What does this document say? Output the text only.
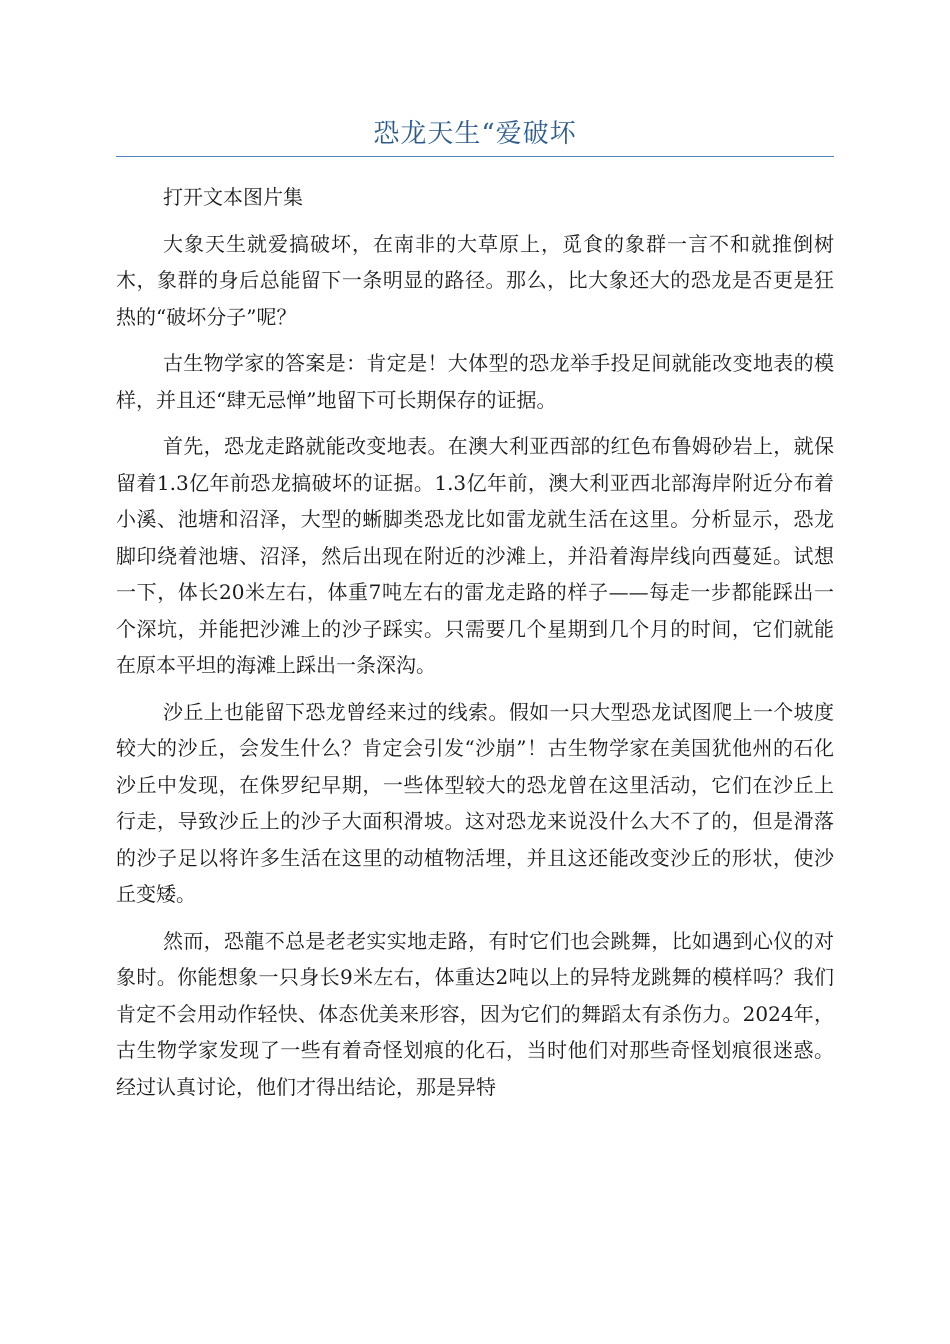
恐龙天生“爱破坏

打开文本图片集

大象天生就爱搞破坏，在南非的大草原上，觅食的象群一言不和就推倒树木，象群的身后总能留下一条明显的路径。那么，比大象还大的恐龙是否更是狂热的“破坏分子”呢？

古生物学家的答案是：肯定是！大体型的恐龙举手投足间就能改变地表的模样，并且还“肆无忌惮”地留下可长期保存的证据。

首先，恐龙走路就能改变地表。在澳大利亚西部的红色布鲁姆砂岩上，就保留着1.3亿年前恐龙搞破坏的证据。1.3亿年前，澳大利亚西北部海岸附近分布着小溪、池塘和沼泽，大型的蜥脚类恐龙比如雷龙就生活在这里。分析显示，恐龙脚印绕着池塘、沼泽，然后出现在附近的沙滩上，并沿着海岸线向西蔓延。试想一下，体长20米左右，体重7吨左右的雷龙走路的样子——每走一步都能踩出一个深坑，并能把沙滩上的沙子踩实。只需要几个星期到几个月的时间，它们就能在原本平坦的海滩上踩出一条深沟。

沙丘上也能留下恐龙曾经来过的线索。假如一只大型恐龙试图爬上一个坡度较大的沙丘，会发生什么？肯定会引发“沙崩”！古生物学家在美国犹他州的石化沙丘中发现，在侏罗纪早期，一些体型较大的恐龙曾在这里活动，它们在沙丘上行走，导致沙丘上的沙子大面积滑坡。这对恐龙来说没什么大不了的，但是滑落的沙子足以将许多生活在这里的动植物活埋，并且这还能改变沙丘的形状，使沙丘变矮。

然而，恐龍不总是老老实实地走路，有时它们也会跳舞，比如遇到心仪的对象时。你能想象一只身长9米左右，体重达2吨以上的异特龙跳舞的模样吗？我们肯定不会用动作轻快、体态优美来形容，因为它们的舞蹈太有杀伤力。2024年，古生物学家发现了一些有着奇怪划痕的化石，当时他们对那些奇怪划痕很迷惑。经过认真讨论，他们才得出结论，那是异特
